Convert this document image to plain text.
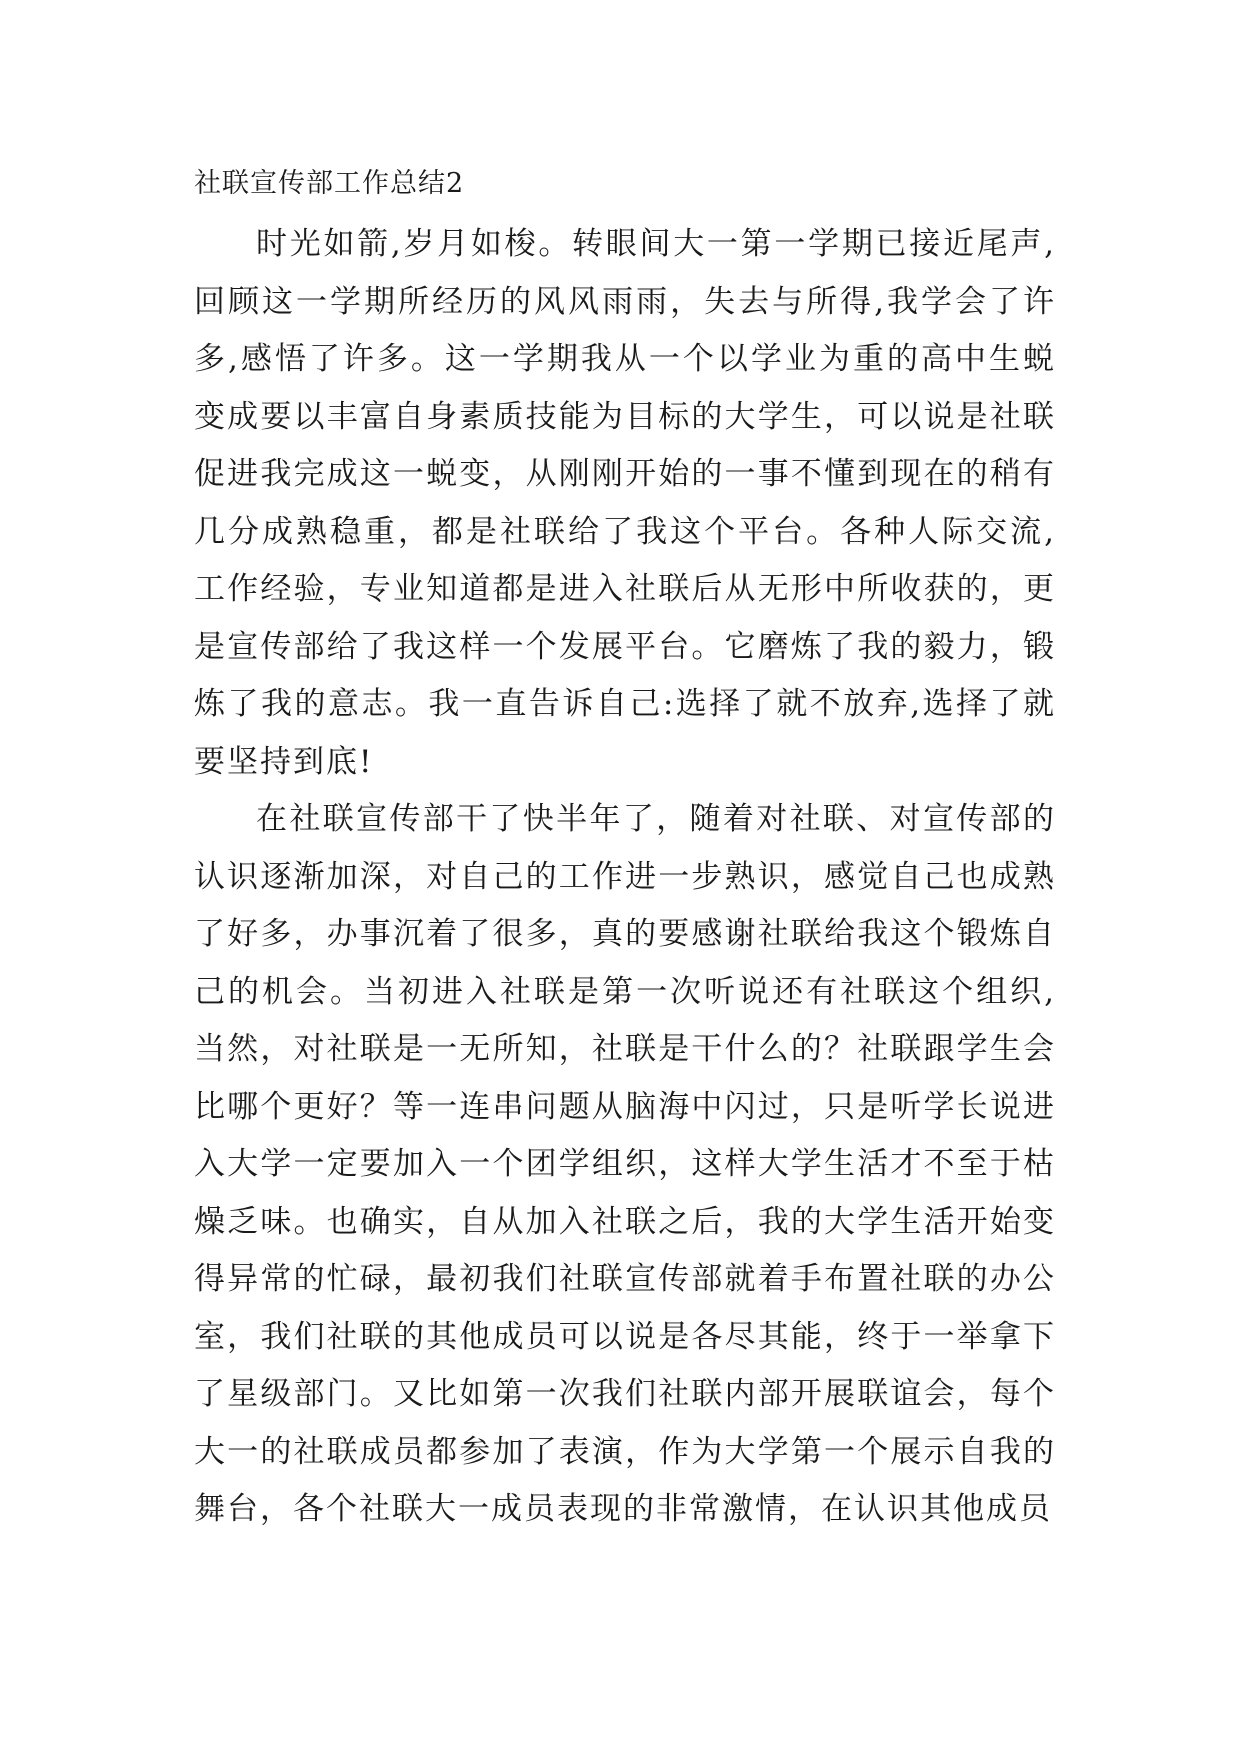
社联宣传部工作总结2

时光如箭,岁月如梭。转眼间大一第一学期已接近尾声,回顾这一学期所经历的风风雨雨，失去与所得,我学会了许多,感悟了许多。这一学期我从一个以学业为重的高中生蜕变成要以丰富自身素质技能为目标的大学生，可以说是社联促进我完成这一蜕变，从刚刚开始的一事不懂到现在的稍有几分成熟稳重，都是社联给了我这个平台。各种人际交流,工作经验，专业知道都是进入社联后从无形中所收获的，更是宣传部给了我这样一个发展平台。它磨炼了我的毅力，锻炼了我的意志。我一直告诉自己:选择了就不放弃,选择了就要坚持到底!

在社联宣传部干了快半年了，随着对社联、对宣传部的认识逐渐加深，对自己的工作进一步熟识，感觉自己也成熟了好多，办事沉着了很多，真的要感谢社联给我这个锻炼自己的机会。当初进入社联是第一次听说还有社联这个组织,当然，对社联是一无所知，社联是干什么的？社联跟学生会比哪个更好？等一连串问题从脑海中闪过，只是听学长说进入大学一定要加入一个团学组织，这样大学生活才不至于枯燥乏味。也确实，自从加入社联之后，我的大学生活开始变得异常的忙碌，最初我们社联宣传部就着手布置社联的办公室，我们社联的其他成员可以说是各尽其能，终于一举拿下了星级部门。又比如第一次我们社联内部开展联谊会，每个大一的社联成员都参加了表演，作为大学第一个展示自我的舞台，各个社联大一成员表现的非常激情，在认识其他成员
